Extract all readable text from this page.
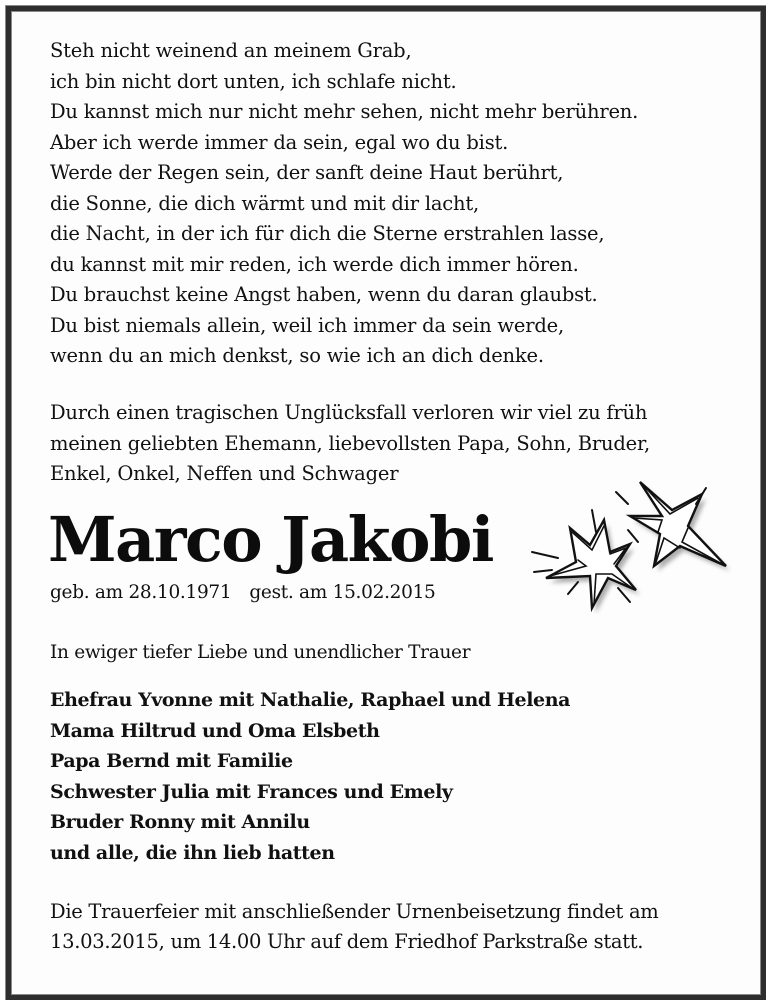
Steh nicht weinend an meinem Grab,
ich bin nicht dort unten, ich schlafe nicht.
Du kannst mich nur nicht mehr sehen, nicht mehr berühren.
Aber ich werde immer da sein, egal wo du bist.
Werde der Regen sein, der sanft deine Haut berührt,
die Sonne, die dich wärmt und mit dir lacht,
die Nacht, in der ich für dich die Sterne erstrahlen lasse,
du kannst mit mir reden, ich werde dich immer hören.
Du brauchst keine Angst haben, wenn du daran glaubst.
Du bist niemals allein, weil ich immer da sein werde,
wenn du an mich denkst, so wie ich an dich denke.
Durch einen tragischen Unglücksfall verloren wir viel zu früh
meinen geliebten Ehemann, liebevollsten Papa, Sohn, Bruder,
Enkel, Onkel, Neffen und Schwager
Marco Jakobi
geb. am 28.10.1971 gest. am 15.02.2015
In ewiger tiefer Liebe und unendlicher Trauer
Ehefrau Yvonne mit Nathalie, Raphael und Helena
Mama Hiltrud und Oma Elsbeth
Papa Bernd mit Familie
Schwester Julia mit Frances und Emely
Bruder Ronny mit Annilu
und alle, die ihn lieb hatten
Die Trauerfeier mit anschließender Urnenbeisetzung findet am
13.03.2015, um 14.00 Uhr auf dem Friedhof Parkstraße statt.
